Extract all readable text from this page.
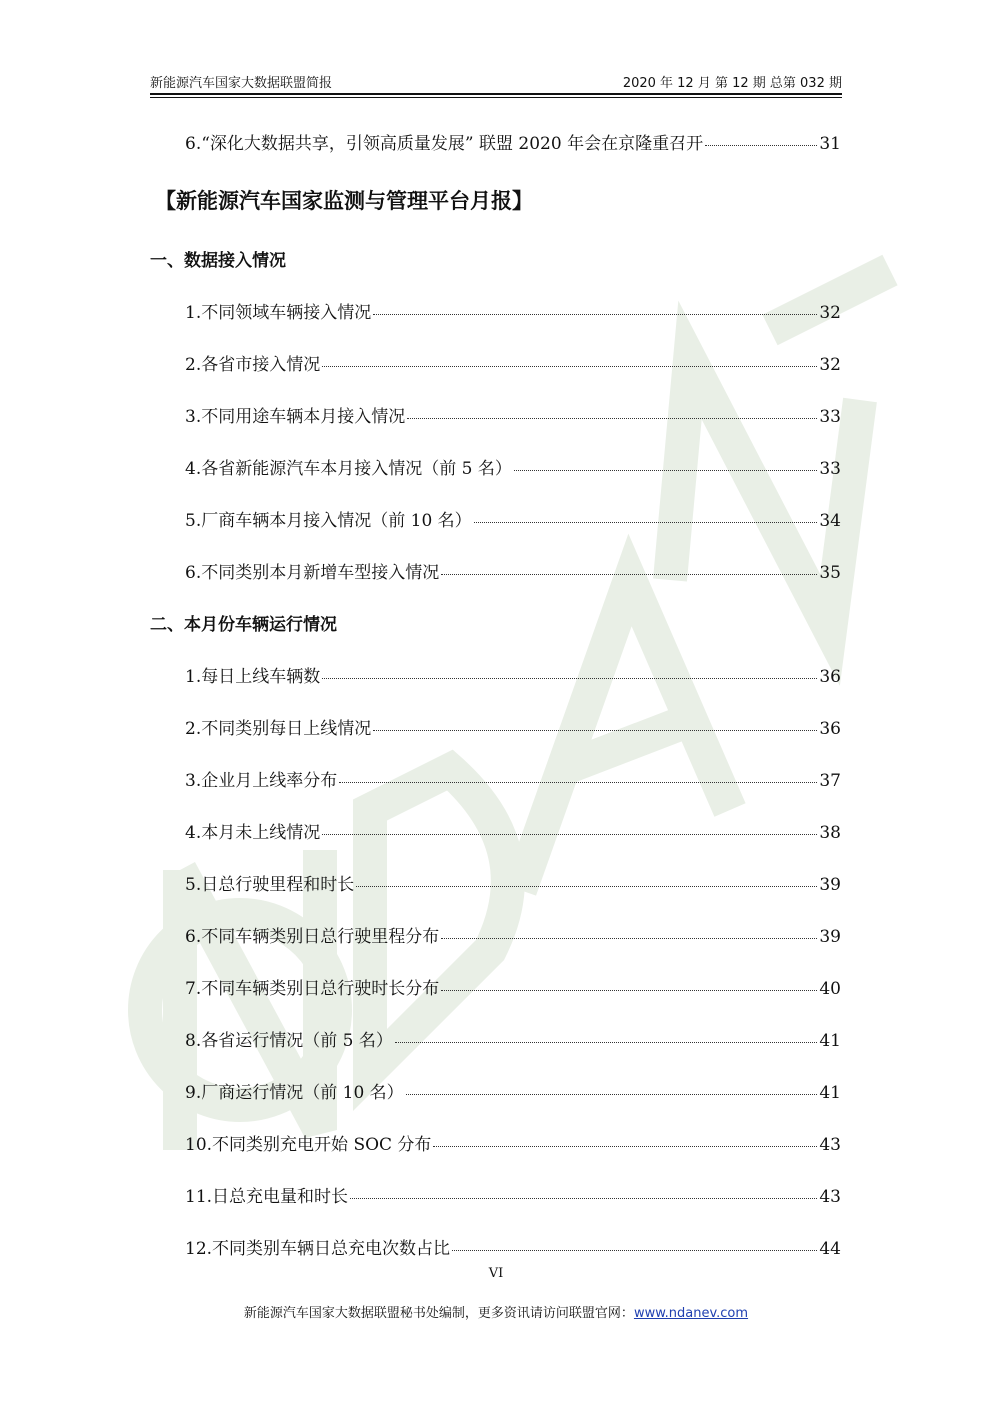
新能源汽车国家大数据联盟简报	2020 年 12 月 第 12 期 总第 032 期
6.“深化大数据共享，引领高质量发展” 联盟 2020 年会在京隆重召开	31
【新能源汽车国家监测与管理平台月报】
一、数据接入情况
1.不同领域车辆接入情况	32
2.各省市接入情况	32
3.不同用途车辆本月接入情况	33
4.各省新能源汽车本月接入情况（前 5 名）	33
5.厂商车辆本月接入情况（前 10 名）	34
6.不同类别本月新增车型接入情况	35
二、本月份车辆运行情况
1.每日上线车辆数	36
2.不同类别每日上线情况	36
3.企业月上线率分布	37
4.本月未上线情况	38
5.日总行驶里程和时长	39
6.不同车辆类别日总行驶里程分布	39
7.不同车辆类别日总行驶时长分布	40
8.各省运行情况（前 5 名）	41
9.厂商运行情况（前 10 名）	41
10.不同类别充电开始 SOC 分布	43
11.日总充电量和时长	43
12.不同类别车辆日总充电次数占比	44
VI
新能源汽车国家大数据联盟秘书处编制，更多资讯请访问联盟官网：www.ndanev.com
